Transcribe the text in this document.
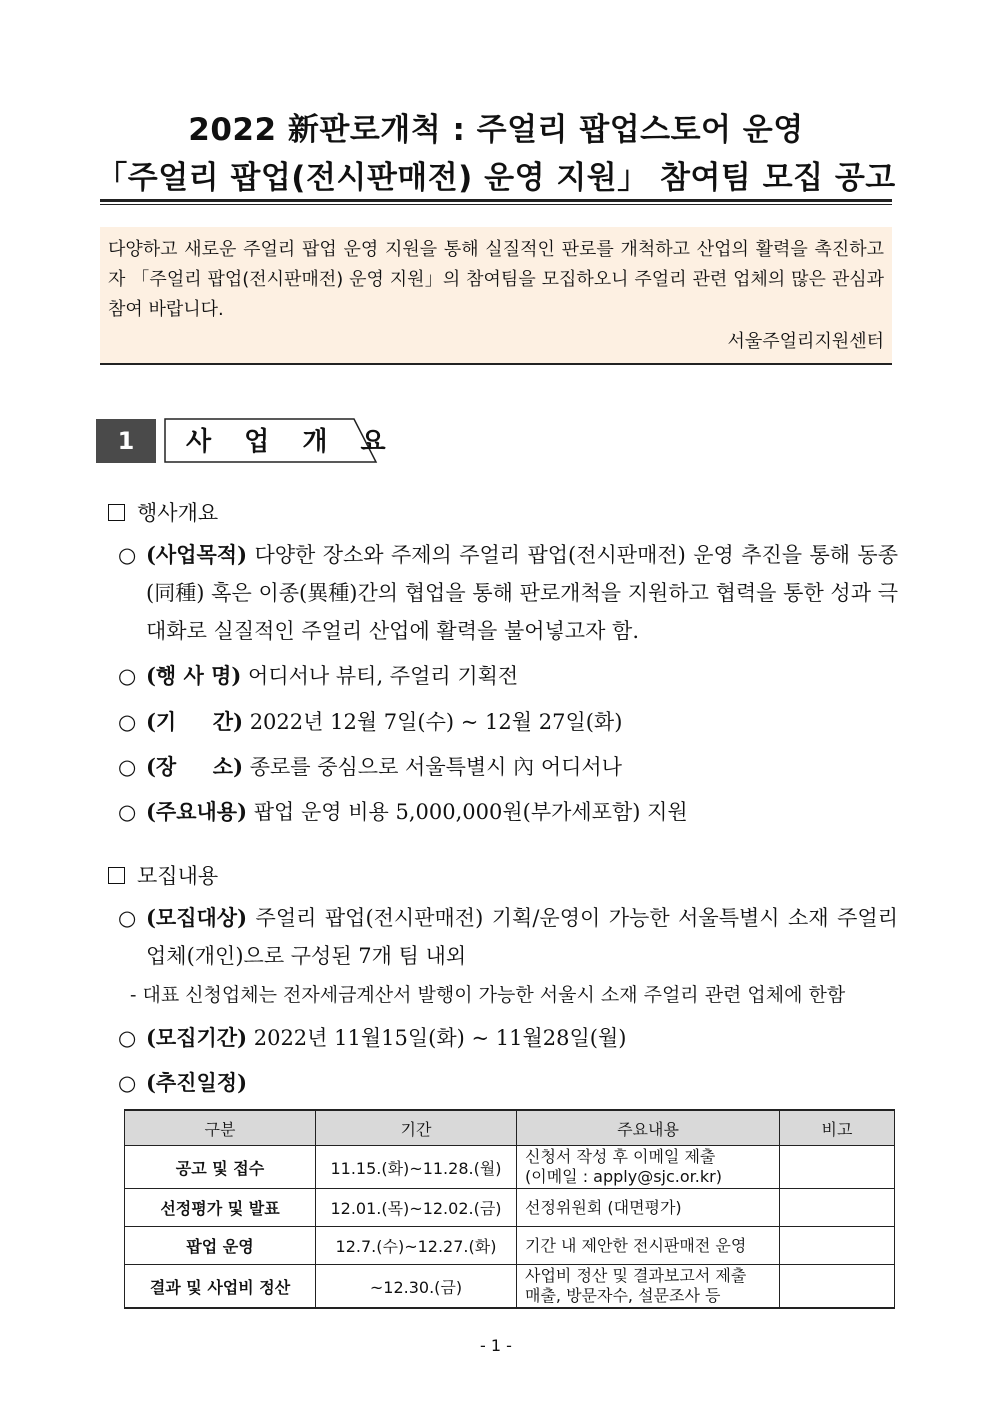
2022 新판로개척 : 주얼리 팝업스토어 운영
「주얼리 팝업(전시판매전) 운영 지원」 참여팀 모집 공고
다양하고 새로운 주얼리 팝업 운영 지원을 통해 실질적인 판로를 개척하고 산업의 활력을 촉진하고자 「주얼리 팝업(전시판매전) 운영 지원」의 참여팀을 모집하오니 주얼리 관련 업체의 많은 관심과 참여 바랍니다.
서울주얼리지원센터
1	사 업 개 요
행사개요
○ (사업목적) 다양한 장소와 주제의 주얼리 팝업(전시판매전) 운영 추진을 통해 동종(同種) 혹은 이종(異種)간의 협업을 통해 판로개척을 지원하고 협력을 통한 성과 극대화로 실질적인 주얼리 산업에 활력을 불어넣고자 함.
○ (행 사 명) 어디서나 뷰티, 주얼리 기획전
○ (기     간) 2022년 12월 7일(수) ~ 12월 27일(화)
○ (장     소) 종로를 중심으로 서울특별시 內 어디서나
○ (주요내용) 팝업 운영 비용 5,000,000원(부가세포함) 지원
모집내용
○ (모집대상) 주얼리 팝업(전시판매전) 기획/운영이 가능한 서울특별시 소재 주얼리 업체(개인)으로 구성된 7개 팀 내외
- 대표 신청업체는 전자세금계산서 발행이 가능한 서울시 소재 주얼리 관련 업체에 한함
○ (모집기간) 2022년 11월15일(화) ~ 11월28일(월)
○ (추진일정)
구분	기간	주요내용	비고
공고 및 접수	11.15.(화)~11.28.(월)	신청서 작성 후 이메일 제출
(이메일 : apply@sjc.or.kr)	

선정평가 및 발표	12.01.(목)~12.02.(금)	선정위원회 (대면평가)	
팝업 운영	12.7.(수)~12.27.(화)	기간 내 제안한 전시판매전 운영	
결과 및 사업비 정산	~12.30.(금)	사업비 정산 및 결과보고서 제출
매출, 방문자수, 설문조사 등	

- 1 -
